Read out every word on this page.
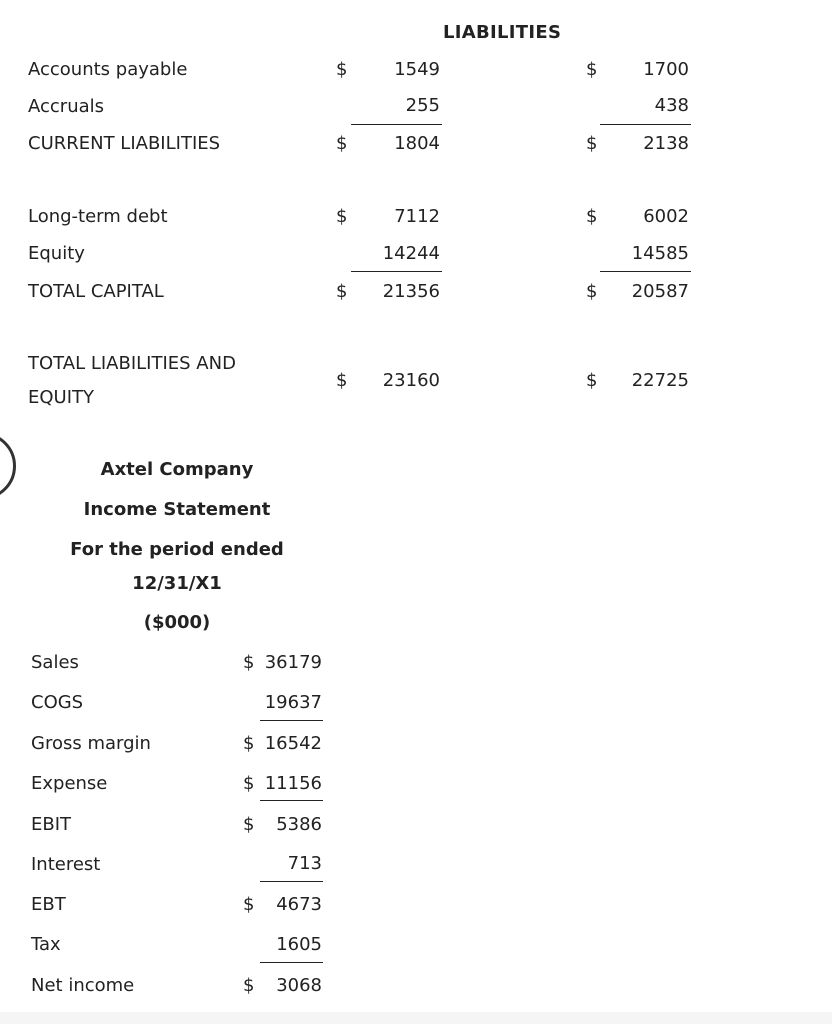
LIABILITIES
Accounts payable	$	1549	$	1700
Accruals	255	438
CURRENT LIABILITIES	$	1804	$	2138
Long-term debt	$	7112	$	6002
Equity	14244	14585
TOTAL CAPITAL	$ 21356	$ 20587
TOTAL LIABILITIES AND
EQUITY
$ 23160	$ 22725
Axtel Company
Income Statement
For the period ended
12/31/X1
($000)
Sales	$ 36179
COGS	19637
Gross margin	$ 16542
Expense	$ 11156
EBIT	$ 5386
Interest	713
EBT	$ 4673
Tax	1605
Net income	$ 3068
